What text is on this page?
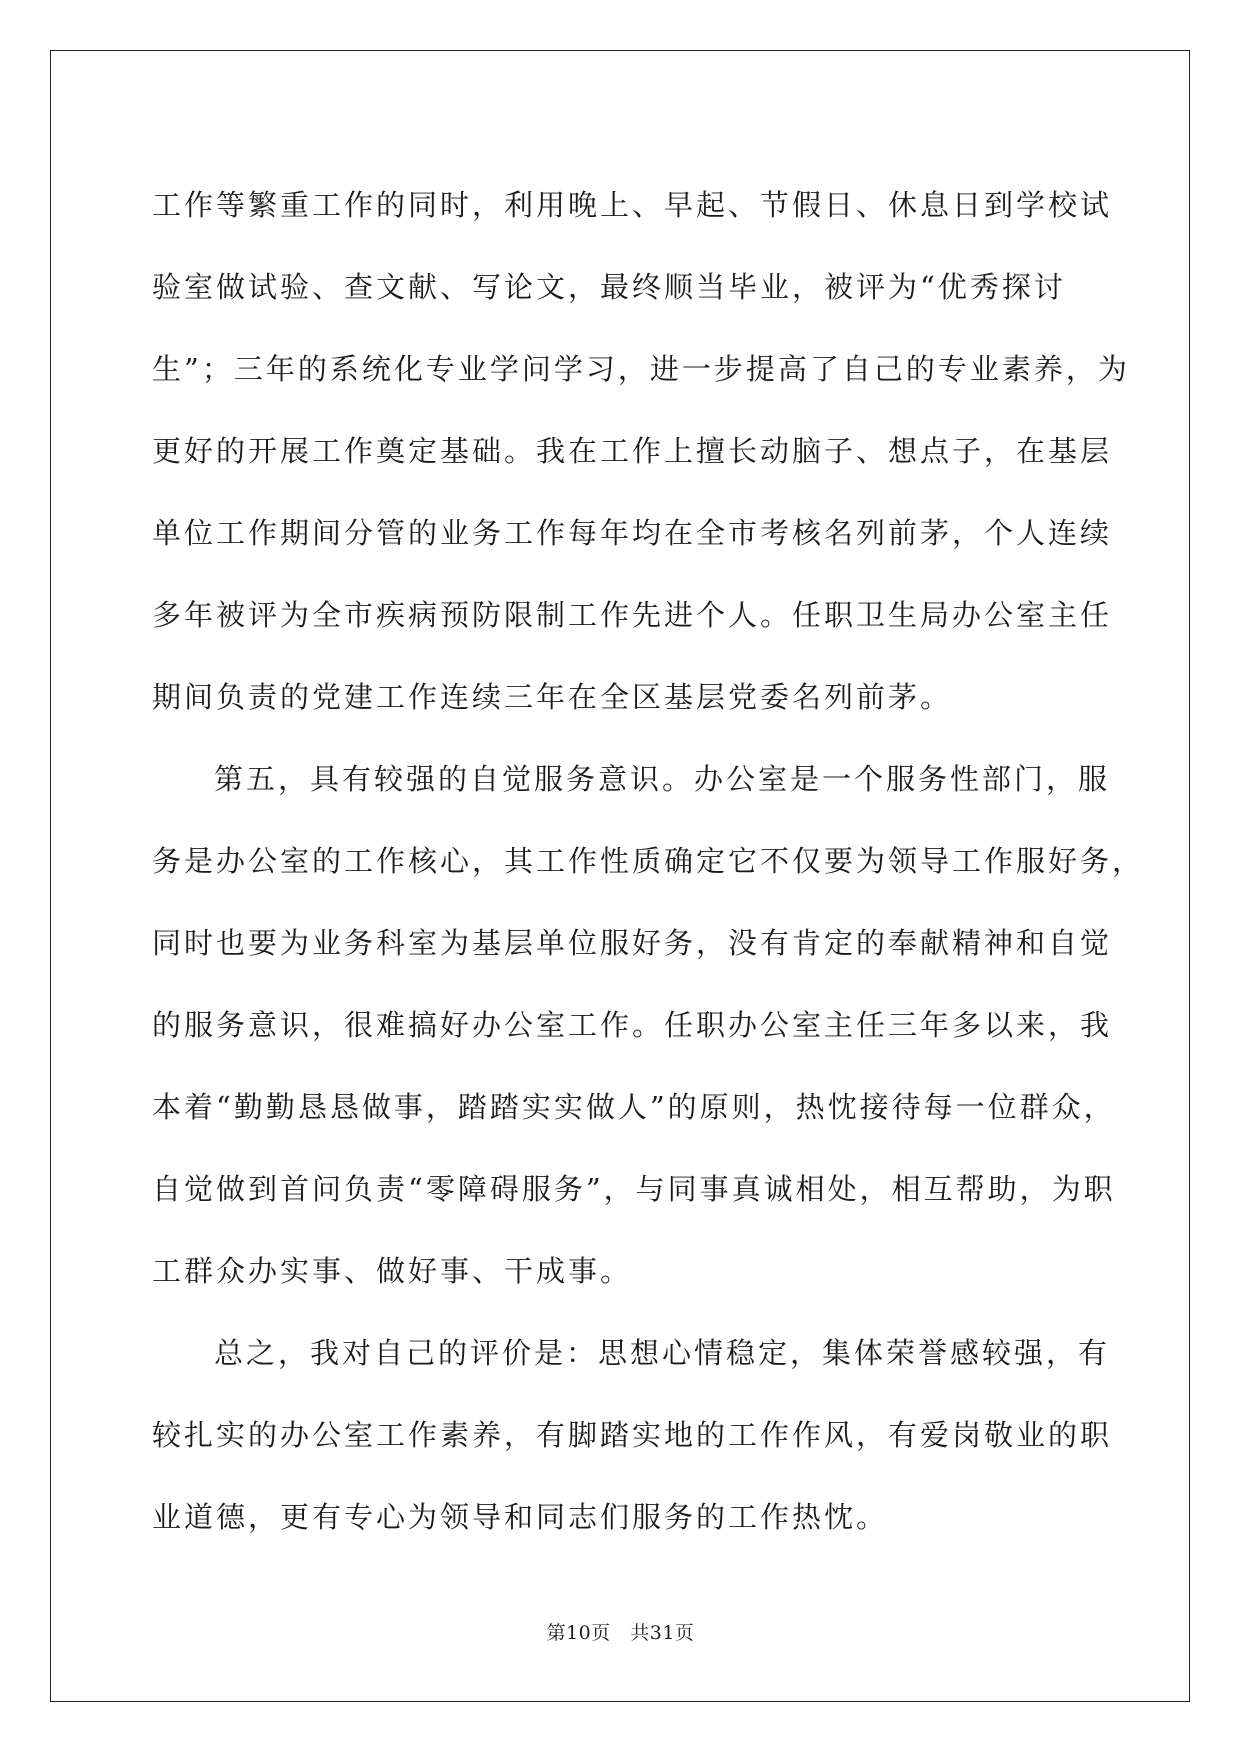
工作等繁重工作的同时，利用晚上、早起、节假日、休息日到学校试
验室做试验、查文献、写论文，最终顺当毕业，被评为“优秀探讨
生”；三年的系统化专业学问学习，进一步提高了自己的专业素养，为
更好的开展工作奠定基础。我在工作上擅长动脑子、想点子，在基层
单位工作期间分管的业务工作每年均在全市考核名列前茅，个人连续
多年被评为全市疾病预防限制工作先进个人。任职卫生局办公室主任
期间负责的党建工作连续三年在全区基层党委名列前茅。
第五，具有较强的自觉服务意识。办公室是一个服务性部门，服
务是办公室的工作核心，其工作性质确定它不仅要为领导工作服好务，
同时也要为业务科室为基层单位服好务，没有肯定的奉献精神和自觉
的服务意识，很难搞好办公室工作。任职办公室主任三年多以来，我
本着“勤勤恳恳做事，踏踏实实做人”的原则，热忱接待每一位群众，
自觉做到首问负责“零障碍服务”，与同事真诚相处，相互帮助，为职
工群众办实事、做好事、干成事。
总之，我对自己的评价是：思想心情稳定，集体荣誉感较强，有
较扎实的办公室工作素养，有脚踏实地的工作作风，有爱岗敬业的职
业道德，更有专心为领导和同志们服务的工作热忱。
第10页　共31页
